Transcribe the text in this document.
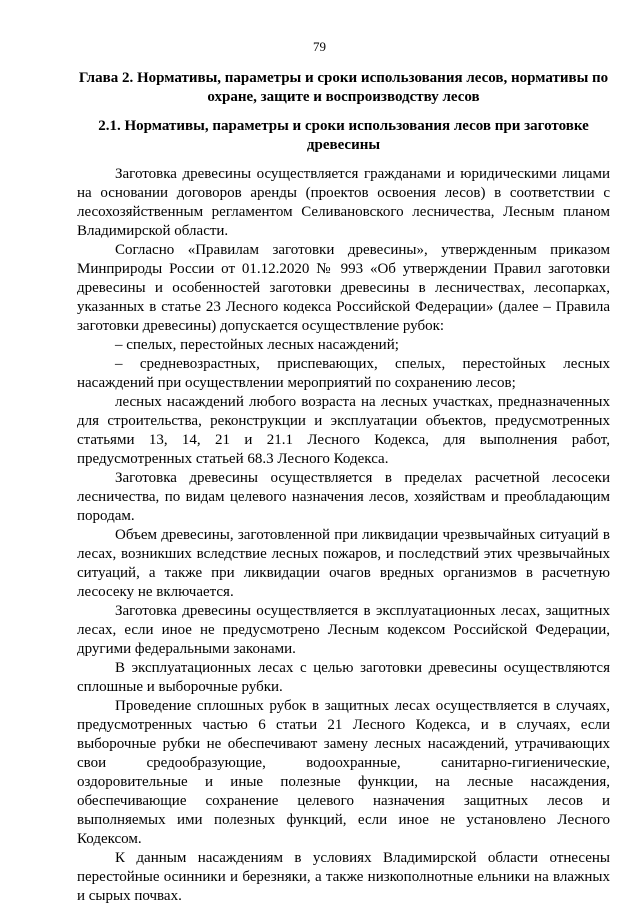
79

Глава 2. Нормативы, параметры и сроки использования лесов, нормативы по охране, защите и воспроизводству лесов

2.1. Нормативы, параметры и сроки использования лесов при заготовке древесины

Заготовка древесины осуществляется гражданами и юридическими лицами на основании договоров аренды (проектов освоения лесов) в соответствии с лесохозяйственным регламентом Селивановского лесничества, Лесным планом Владимирской области.

Согласно «Правилам заготовки древесины», утвержденным приказом Минприроды России от 01.12.2020 № 993 «Об утверждении Правил заготовки древесины и особенностей заготовки древесины в лесничествах, лесопарках, указанных в статье 23 Лесного кодекса Российской Федерации» (далее – Правила заготовки древесины) допускается осуществление рубок:

– спелых, перестойных лесных насаждений;

– средневозрастных, приспевающих, спелых, перестойных лесных насаждений при осуществлении мероприятий по сохранению лесов;

лесных насаждений любого возраста на лесных участках, предназначенных для строительства, реконструкции и эксплуатации объектов, предусмотренных статьями 13, 14, 21 и 21.1 Лесного Кодекса, для выполнения работ, предусмотренных статьей 68.3 Лесного Кодекса.

Заготовка древесины осуществляется в пределах расчетной лесосеки лесничества, по видам целевого назначения лесов, хозяйствам и преобладающим породам.

Объем древесины, заготовленной при ликвидации чрезвычайных ситуаций в лесах, возникших вследствие лесных пожаров, и последствий этих чрезвычайных ситуаций, а также при ликвидации очагов вредных организмов в расчетную лесосеку не включается.

Заготовка древесины осуществляется в эксплуатационных лесах, защитных лесах, если иное не предусмотрено Лесным кодексом Российской Федерации, другими федеральными законами.

В эксплуатационных лесах с целью заготовки древесины осуществляются сплошные и выборочные рубки.

Проведение сплошных рубок в защитных лесах осуществляется в случаях, предусмотренных частью 6 статьи 21 Лесного Кодекса, и в случаях, если выборочные рубки не обеспечивают замену лесных насаждений, утрачивающих свои средообразующие, водоохранные, санитарно-гигиенические, оздоровительные и иные полезные функции, на лесные насаждения, обеспечивающие сохранение целевого назначения защитных лесов и выполняемых ими полезных функций, если иное не установлено Лесного Кодексом.

К данным насаждениям в условиях Владимирской области отнесены перестойные осинники и березняки, а также низкополнотные ельники на влажных и сырых почвах.
